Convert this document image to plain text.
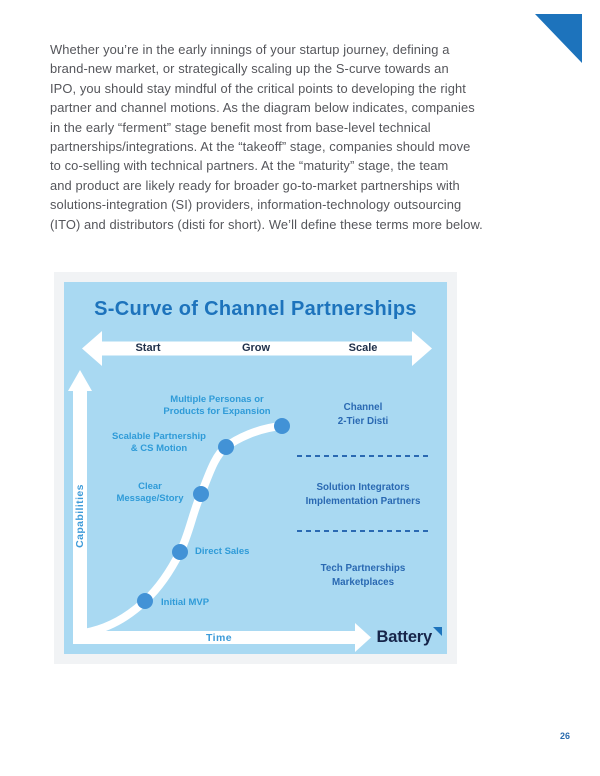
Whether you’re in the early innings of your startup journey, defining a
brand-new market, or strategically scaling up the S-curve towards an
IPO, you should stay mindful of the critical points to developing the right
partner and channel motions. As the diagram below indicates, companies
in the early “ferment” stage benefit most from base-level technical
partnerships/integrations. At the “takeoff” stage, companies should move
to co-selling with technical partners. At the “maturity” stage, the team
and product are likely ready for broader go-to-market partnerships with
solutions-integration (SI) providers, information-technology outsourcing
(ITO) and distributors (disti for short). We’ll define these terms more below.
S-Curve of Channel Partnerships
Start	Grow	Scale
Capabilities
Time
Multiple Personas or
Products for Expansion
Scalable Partnership
& CS Motion
Clear
Message/Story
Direct Sales
Initial MVP
Channel
2-Tier Disti
Solution Integrators
Implementation Partners
Tech Partnerships
Marketplaces
Battery
26
